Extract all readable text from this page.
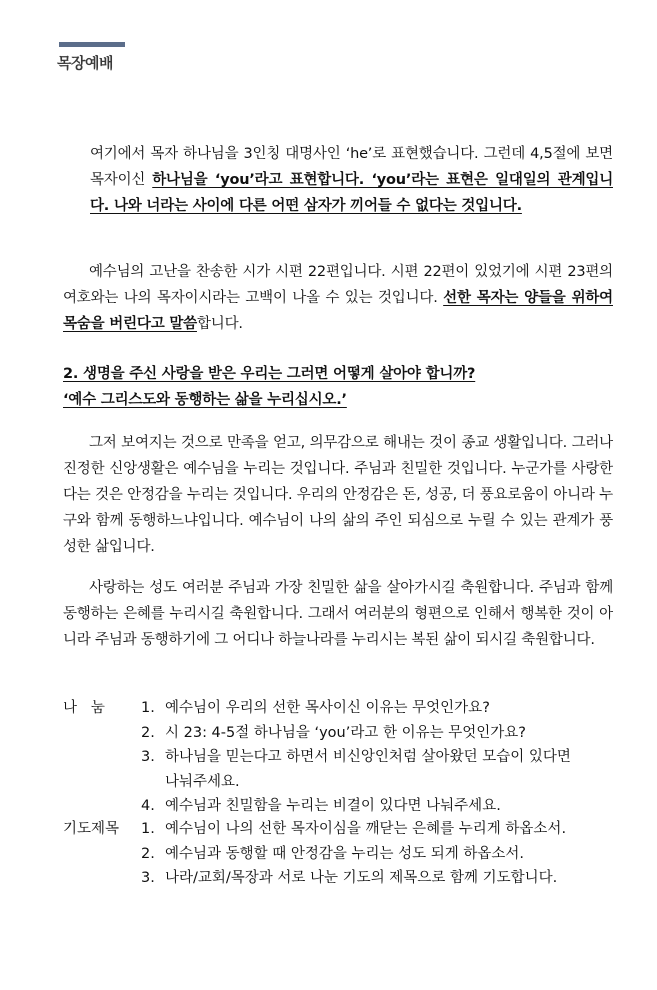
목장예배
여기에서 목자 하나님을 3인칭 대명사인 ‘he’로 표현했습니다. 그런데 4,5절에 보면 목자이신 하나님을 ‘you’라고 표현합니다. ‘you’라는 표현은 일대일의 관계입니다. 나와 너라는 사이에 다른 어떤 삼자가 끼어들 수 없다는 것입니다.
예수님의 고난을 찬송한 시가 시편 22편입니다. 시편 22편이 있었기에 시편 23편의 여호와는 나의 목자이시라는 고백이 나올 수 있는 것입니다. 선한 목자는 양들을 위하여 목숨을 버린다고 말씀합니다.
2. 생명을 주신 사랑을 받은 우리는 그러면 어떻게 살아야 합니까?
‘예수 그리스도와 동행하는 삶을 누리십시오.’
그저 보여지는 것으로 만족을 얻고, 의무감으로 해내는 것이 종교 생활입니다. 그러나 진정한 신앙생활은 예수님을 누리는 것입니다. 주님과 친밀한 것입니다. 누군가를 사랑한다는 것은 안정감을 누리는 것입니다. 우리의 안정감은 돈, 성공, 더 풍요로움이 아니라 누구와 함께 동행하느냐입니다. 예수님이 나의 삶의 주인 되심으로 누릴 수 있는 관계가 풍성한 삶입니다.
사랑하는 성도 여러분 주님과 가장 친밀한 삶을 살아가시길 축원합니다. 주님과 함께 동행하는 은혜를 누리시길 축원합니다. 그래서 여러분의 형편으로 인해서 행복한 것이 아니라 주님과 동행하기에 그 어디나 하늘나라를 누리시는 복된 삶이 되시길 축원합니다.
나   눔	1. 예수님이 우리의 선한 목사이신 이유는 무엇인가요?
2. 시 23: 4-5절 하나님을 ‘you’라고 한 이유는 무엇인가요?
3. 하나님을 믿는다고 하면서 비신앙인처럼 살아왔던 모습이 있다면
나눠주세요.
4. 예수님과 친밀함을 누리는 비결이 있다면 나눠주세요.
기도제목	1. 예수님이 나의 선한 목자이심을 깨닫는 은혜를 누리게 하옵소서.
2. 예수님과 동행할 때 안정감을 누리는 성도 되게 하옵소서.
3. 나라/교회/목장과 서로 나눈 기도의 제목으로 함께 기도합니다.
